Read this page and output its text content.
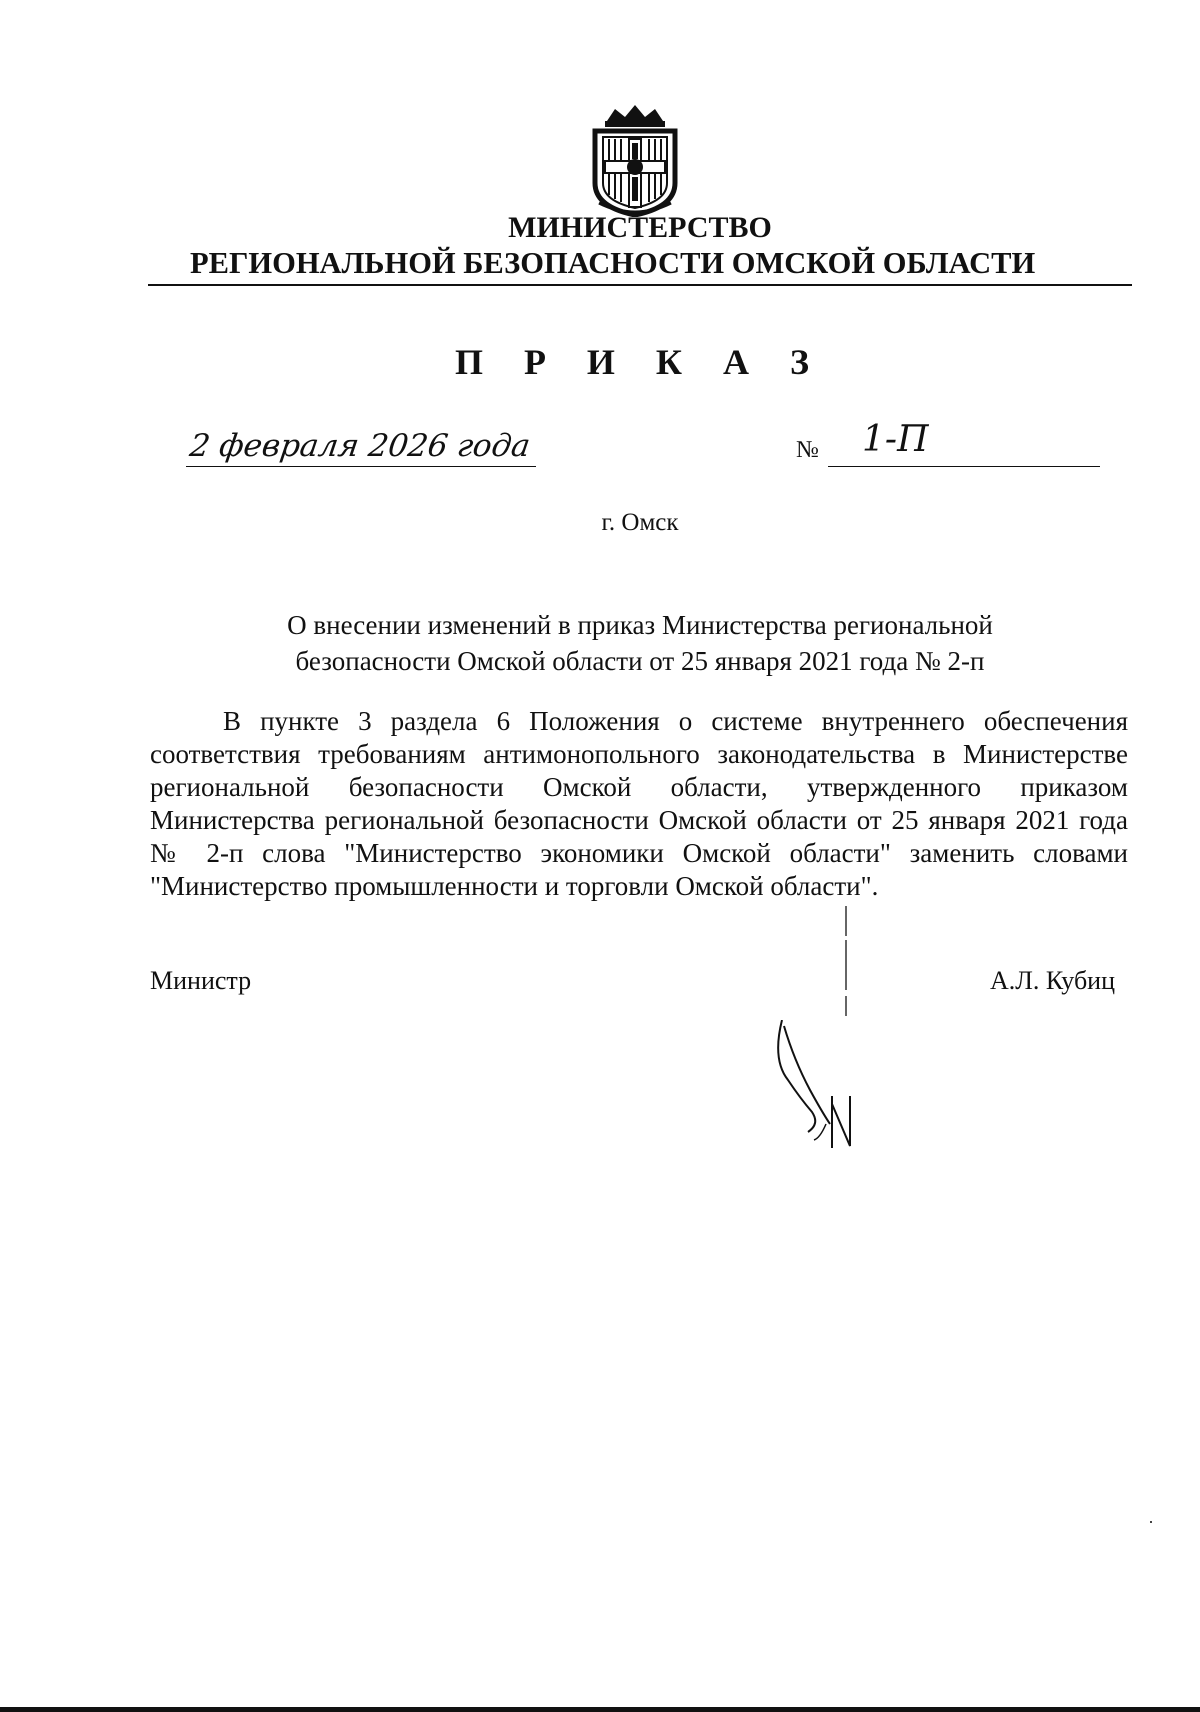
МИНИСТЕРСТВО
РЕГИОНАЛЬНОЙ БЕЗОПАСНОСТИ ОМСКОЙ ОБЛАСТИ
П Р И К А З
2 февраля 2026 года	№ 1-П
г. Омск
О внесении изменений в приказ Министерства региональной
безопасности Омской области от 25 января 2021 года № 2-п
В пункте 3 раздела 6 Положения о системе внутреннего обеспечения соответствия требованиям антимонопольного законодательства в Министерстве региональной безопасности Омской области, утвержденного приказом Министерства региональной безопасности Омской области от 25 января 2021 года № 2-п слова "Министерство экономики Омской области" заменить словами "Министерство промышленности и торговли Омской области".
Министр	А.Л. Кубиц
